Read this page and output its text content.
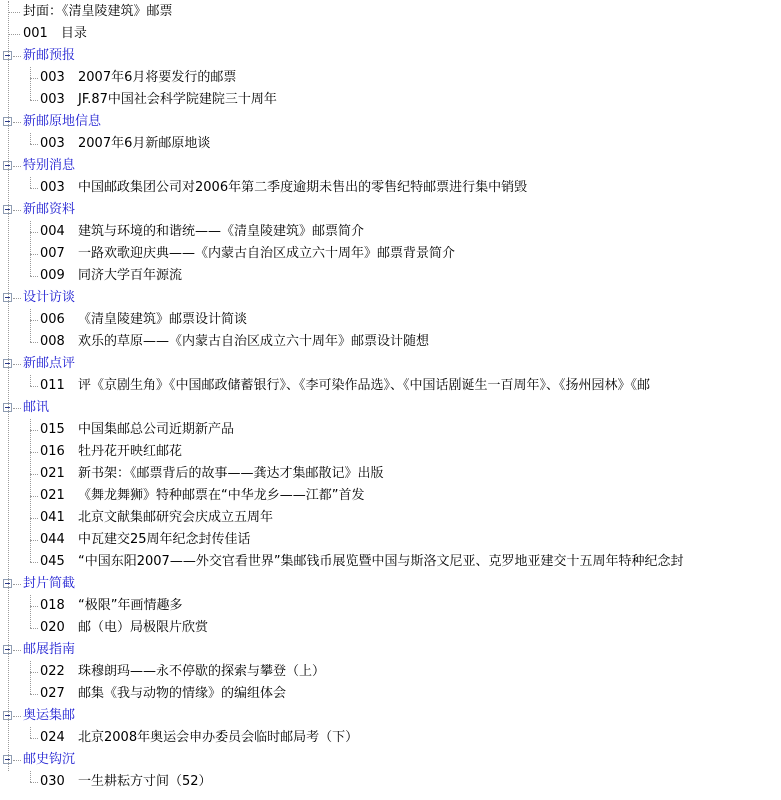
封面：《清皇陵建筑》邮票
001　目录
新邮预报
003 2007年6月将要发行的邮票
003 JF.87中国社会科学院建院三十周年
新邮原地信息
003 2007年6月新邮原地谈
特别消息
003 中国邮政集团公司对2006年第二季度逾期未售出的零售纪特邮票进行集中销毁
新邮资料
004 建筑与环境的和谐统——《清皇陵建筑》邮票简介
007 一路欢歌迎庆典——《内蒙古自治区成立六十周年》邮票背景简介
009 同济大学百年源流
设计访谈
006 《清皇陵建筑》邮票设计简谈
008 欢乐的草原——《内蒙古自治区成立六十周年》邮票设计随想
新邮点评
011 评《京剧生角》《中国邮政储蓄银行》、《李可染作品选》、《中国话剧诞生一百周年》、《扬州园林》《邮
邮讯
015 中国集邮总公司近期新产品
016 牡丹花开映红邮花
021 新书架：《邮票背后的故事——龚达才集邮散记》出版
021 《舞龙舞狮》特种邮票在“中华龙乡——江都”首发
041 北京文献集邮研究会庆成立五周年
044 中瓦建交25周年纪念封传佳话
045 “中国东阳2007——外交官看世界”集邮钱币展览暨中国与斯洛文尼亚、克罗地亚建交十五周年特种纪念封
封片简截
018 “极限”年画情趣多
020 邮（电）局极限片欣赏
邮展指南
022 珠穆朗玛——永不停歇的探索与攀登（上）
027 邮集《我与动物的情缘》的编组体会
奥运集邮
024 北京2008年奥运会申办委员会临时邮局考（下）
邮史钩沉
030 一生耕耘方寸间（52）
